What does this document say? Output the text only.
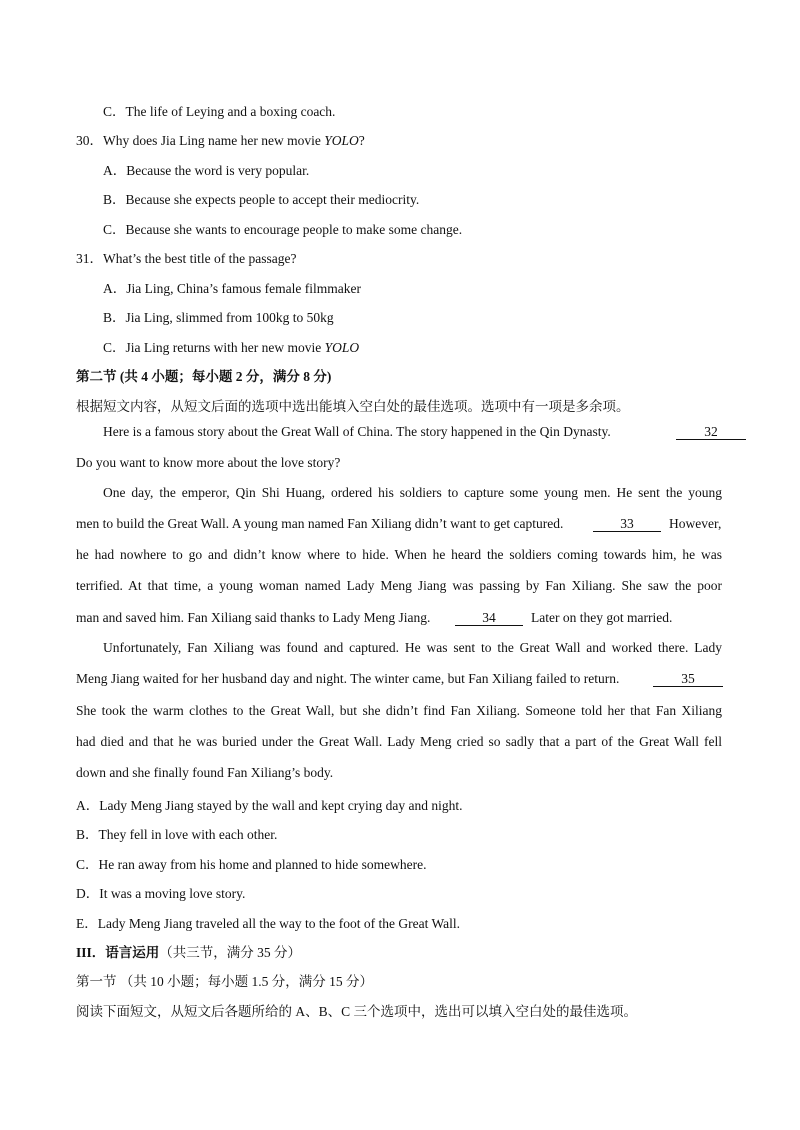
C．The life of Leying and a boxing coach.
30．Why does Jia Ling name her new movie YOLO?
A．Because the word is very popular.
B．Because she expects people to accept their mediocrity.
C．Because she wants to encourage people to make some change.
31．What’s the best title of the passage?
A．Jia Ling, China’s famous female filmmaker
B．Jia Ling, slimmed from 100kg to 50kg
C．Jia Ling returns with her new movie YOLO
第二节 (共 4 小题；每小题 2 分，满分 8 分)
根据短文内容，从短文后面的选项中选出能填入空白处的最佳选项。选项中有一项是多余项。
Here is a famous story about the Great Wall of China. The story happened in the Qin Dynasty.	32
Do you want to know more about the love story?
One day, the emperor, Qin Shi Huang, ordered his soldiers to capture some young men. He sent the young
men to build the Great Wall. A young man named Fan Xiliang didn’t want to get captured.	33	However,
he had nowhere to go and didn’t know where to hide. When he heard the soldiers coming towards him, he was
terrified. At that time, a young woman named Lady Meng Jiang was passing by Fan Xiliang. She saw the poor
man and saved him. Fan Xiliang said thanks to Lady Meng Jiang.	34	Later on they got married.
Unfortunately, Fan Xiliang was found and captured. He was sent to the Great Wall and worked there. Lady
Meng Jiang waited for her husband day and night. The winter came, but Fan Xiliang failed to return.	35
She took the warm clothes to the Great Wall, but she didn’t find Fan Xiliang. Someone told her that Fan Xiliang
had died and that he was buried under the Great Wall. Lady Meng cried so sadly that a part of the Great Wall fell
down and she finally found Fan Xiliang’s body.
A．Lady Meng Jiang stayed by the wall and kept crying day and night.
B．They fell in love with each other.
C．He ran away from his home and planned to hide somewhere.
D．It was a moving love story.
E．Lady Meng Jiang traveled all the way to the foot of the Great Wall.
III．语言运用（共三节，满分 35 分）
第一节 （共 10 小题；每小题 1.5 分，满分 15 分）
阅读下面短文，从短文后各题所给的 A、B、C 三个选项中，选出可以填入空白处的最佳选项。
